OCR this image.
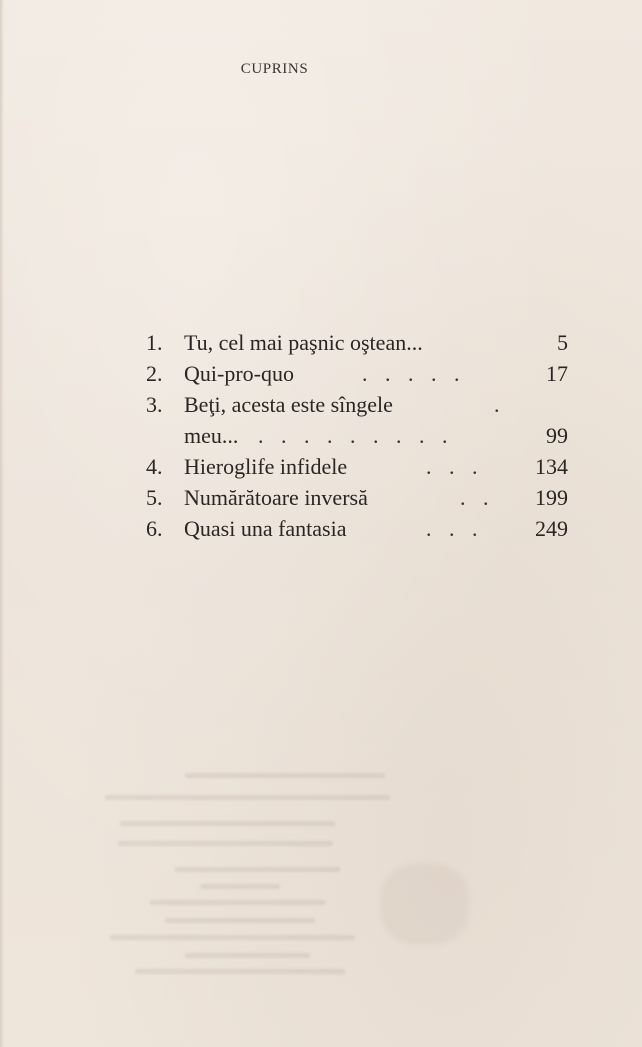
CUPRINS
1. Tu, cel mai paşnic oştean...	5
2. Qui-pro-quo	. . . . .	17
3. Beţi, acesta este sîngele	.
meu... . . . . . . . . .	99
4. Hieroglife infidele	. . . 134
5. Numărătoare inversă	. . 199
6. Quasi una fantasia	. . . 249
